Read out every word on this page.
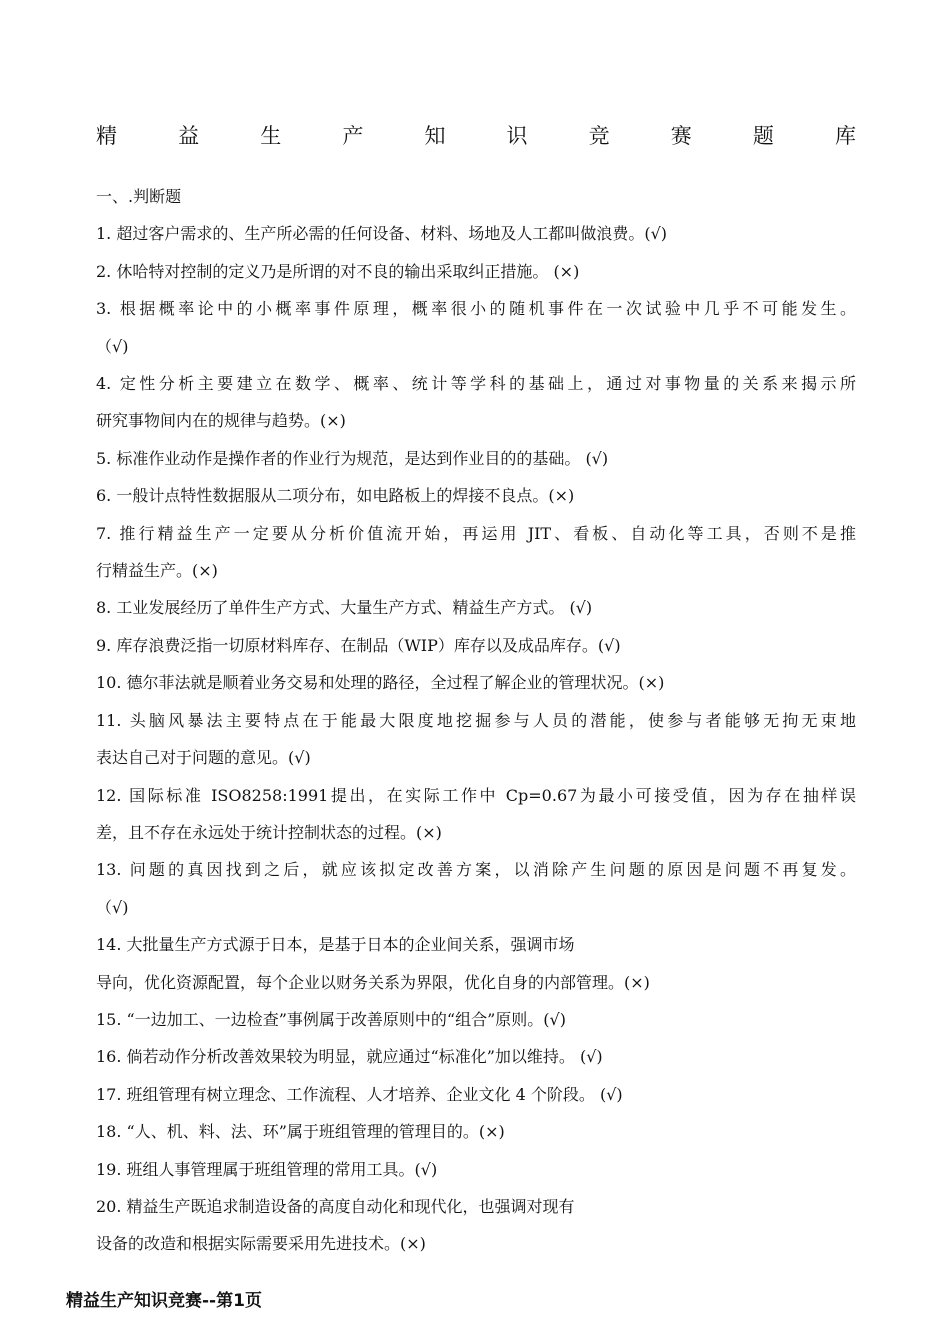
精	益	生	产	知	识	竞	赛	题	库
一、.判断题
1. 超过客户需求的、生产所必需的任何设备、材料、场地及人工都叫做浪费。(√)
2. 休哈特对控制的定义乃是所谓的对不良的输出采取纠正措施。 (×)
3. 根据概率论中的小概率事件原理，概率很小的随机事件在一次试验中几乎不可能发生。
（√)
4. 定性分析主要建立在数学、概率、统计等学科的基础上，通过对事物量的关系来揭示所
研究事物间内在的规律与趋势。(×)
5. 标准作业动作是操作者的作业行为规范，是达到作业目的的基础。 (√)
6. 一般计点特性数据服从二项分布，如电路板上的焊接不良点。(×)
7. 推行精益生产一定要从分析价值流开始，再运用 JIT、看板、自动化等工具，否则不是推
行精益生产。(×)
8. 工业发展经历了单件生产方式、大量生产方式、精益生产方式。 (√)
9. 库存浪费泛指一切原材料库存、在制品（WIP）库存以及成品库存。(√)
10. 德尔菲法就是顺着业务交易和处理的路径，全过程了解企业的管理状况。(×)
11. 头脑风暴法主要特点在于能最大限度地挖掘参与人员的潜能，使参与者能够无拘无束地
表达自己对于问题的意见。(√)
12. 国际标准 ISO8258:1991提出，在实际工作中 Cp=0.67为最小可接受值，因为存在抽样误
差，且不存在永远处于统计控制状态的过程。(×)
13. 问题的真因找到之后，就应该拟定改善方案，以消除产生问题的原因是问题不再复发。
（√)
14. 大批量生产方式源于日本，是基于日本的企业间关系，强调市场
导向，优化资源配置，每个企业以财务关系为界限，优化自身的内部管理。(×)
15. “一边加工、一边检查”事例属于改善原则中的“组合”原则。(√)
16. 倘若动作分析改善效果较为明显，就应通过“标准化”加以维持。 (√)
17. 班组管理有树立理念、工作流程、人才培养、企业文化 4 个阶段。 (√)
18. “人、机、料、法、环”属于班组管理的管理目的。(×)
19. 班组人事管理属于班组管理的常用工具。(√)
20. 精益生产既追求制造设备的高度自动化和现代化，也强调对现有
设备的改造和根据实际需要采用先进技术。(×)
精益生产知识竞赛--第1页
